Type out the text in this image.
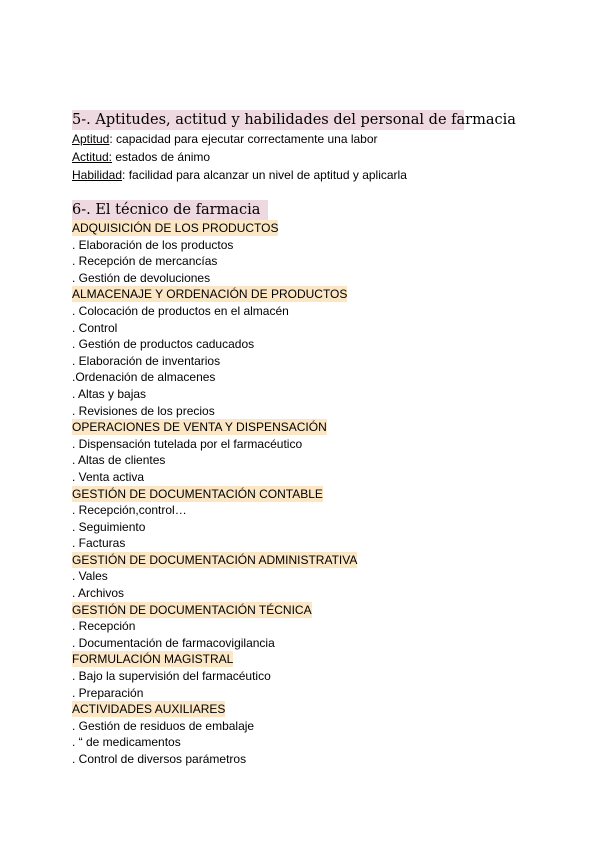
5-. Aptitudes, actitud y habilidades del personal de farmacia
Aptitud: capacidad para ejecutar correctamente una labor
Actitud: estados de ánimo
Habilidad: facilidad para alcanzar un nivel de aptitud y aplicarla
6-. El técnico de farmacia
ADQUISICIÓN DE LOS PRODUCTOS
. Elaboración de los productos
. Recepción de mercancías
. Gestión de devoluciones
ALMACENAJE Y ORDENACIÓN DE PRODUCTOS
. Colocación de productos en el almacén
. Control
. Gestión de productos caducados
. Elaboración de inventarios
.Ordenación de almacenes
. Altas y bajas
. Revisiones de los precios
OPERACIONES DE VENTA Y DISPENSACIÓN
. Dispensación tutelada por el farmacéutico
. Altas de clientes
. Venta activa
GESTIÓN DE DOCUMENTACIÓN CONTABLE
. Recepción,control…
. Seguimiento
. Facturas
GESTIÓN DE DOCUMENTACIÓN ADMINISTRATIVA
. Vales
. Archivos
GESTIÓN DE DOCUMENTACIÓN TÉCNICA
. Recepción
. Documentación de farmacovigilancia
FORMULACIÓN MAGISTRAL
. Bajo la supervisión del farmacéutico
. Preparación
ACTIVIDADES AUXILIARES
. Gestión de residuos de embalaje
. “ de medicamentos
. Control de diversos parámetros
